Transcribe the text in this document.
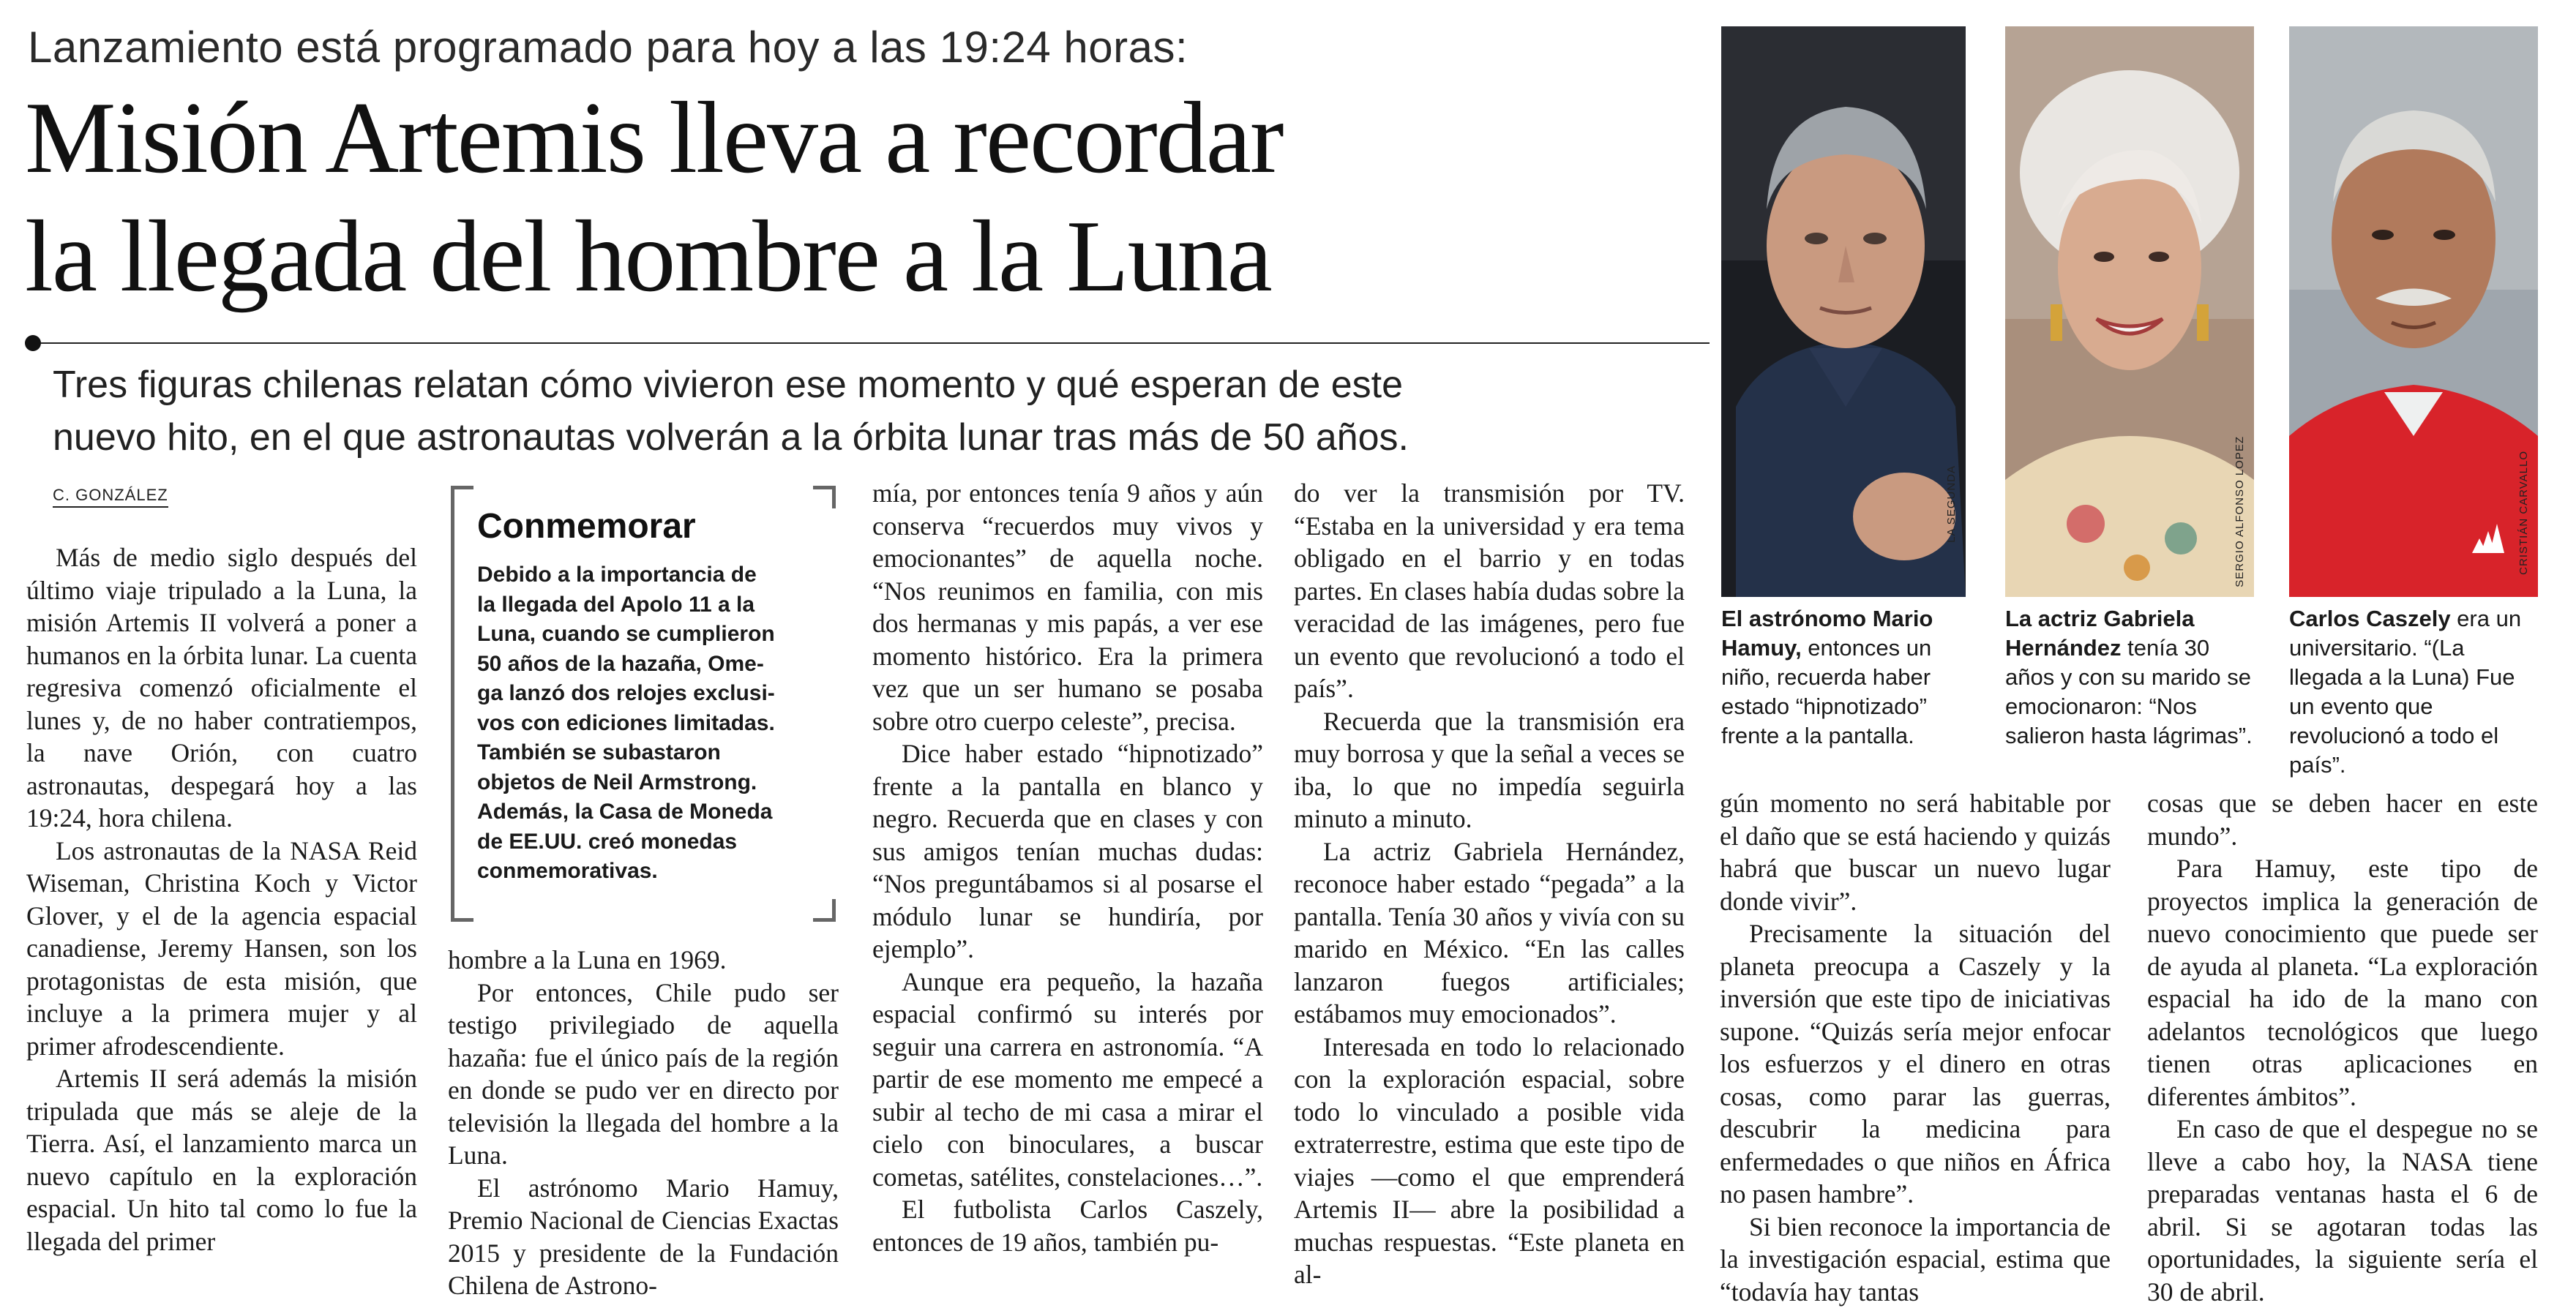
Lanzamiento está programado para hoy a las 19:24 horas:
Misión Artemis lleva a recordar
la llegada del hombre a la Luna
Tres figuras chilenas relatan cómo vivieron ese momento y qué esperan de este
nuevo hito, en el que astronautas volverán a la órbita lunar tras más de 50 años.
C. GONZÁLEZ

Más de medio siglo después del último viaje tripulado a la Luna, la misión Artemis II volverá a poner a humanos en la órbita lunar. La cuenta regresiva comenzó oficialmente el lunes y, de no haber contratiempos, la nave Orión, con cuatro astronautas, despegará hoy a las 19:24, hora chilena.

Los astronautas de la NASA Reid Wiseman, Christina Koch y Victor Glover, y el de la agencia espacial canadiense, Jeremy Hansen, son los protagonistas de esta misión, que incluye a la primera mujer y al primer afrodescendiente.

Artemis II será además la misión tripulada que más se aleje de la Tierra. Así, el lanzamiento marca un nuevo capítulo en la exploración espacial. Un hito tal como lo fue la llegada del primer

Conmemorar
Debido a la importancia de
la llegada del Apolo 11 a la
Luna, cuando se cumplieron
50 años de la hazaña, Ome-
ga lanzó dos relojes exclusi-
vos con ediciones limitadas.
También se subastaron
objetos de Neil Armstrong.
Además, la Casa de Moneda
de EE.UU. creó monedas
conmemorativas.

hombre a la Luna en 1969.

Por entonces, Chile pudo ser testigo privilegiado de aquella hazaña: fue el único país de la región en donde se pudo ver en directo por televisión la llegada del hombre a la Luna.

El astrónomo Mario Hamuy, Premio Nacional de Ciencias Exactas 2015 y presidente de la Fundación Chilena de Astrono-

mía, por entonces tenía 9 años y aún conserva “recuerdos muy vivos y emocionantes” de aquella noche. “Nos reunimos en familia, con mis dos hermanas y mis papás, a ver ese momento histórico. Era la primera vez que un ser humano se posaba sobre otro cuerpo celeste”, precisa.

Dice haber estado “hipnotizado” frente a la pantalla en blanco y negro. Recuerda que en clases y con sus amigos tenían muchas dudas: “Nos preguntábamos si al posarse el módulo lunar se hundiría, por ejemplo”.

Aunque era pequeño, la hazaña espacial confirmó su interés por seguir una carrera en astronomía. “A partir de ese momento me empecé a subir al techo de mi casa a mirar el cielo con binoculares, a buscar cometas, satélites, constelaciones…”.

El futbolista Carlos Caszely, entonces de 19 años, también pu-

do ver la transmisión por TV. “Estaba en la universidad y era tema obligado en el barrio y en todas partes. En clases había dudas sobre la veracidad de las imágenes, pero fue un evento que revolucionó a todo el país”.

Recuerda que la transmisión era muy borrosa y que la señal a veces se iba, lo que no impedía seguirla minuto a minuto.

La actriz Gabriela Hernández, reconoce haber estado “pegada” a la pantalla. Tenía 30 años y vivía con su marido en México. “En las calles lanzaron fuegos artificiales; estábamos muy emocionados”.

Interesada en todo lo relacionado con la exploración espacial, sobre todo lo vinculado a posible vida extraterrestre, estima que este tipo de viajes —como el que emprenderá Artemis II— abre la posibilidad a muchas respuestas. “Este planeta en al-

LA SEGUNDA
El astrónomo Mario Hamuy, entonces un niño, recuerda haber estado “hipnotizado” frente a la pantalla.
SERGIO ALFONSO LOPEZ
La actriz Gabriela Hernández tenía 30 años y con su marido se emocionaron: “Nos salieron hasta lágrimas”.
CRISTIÁN CARVALLO
Carlos Caszely era un universitario. “(La llegada a la Luna) Fue un evento que revolucionó a todo el país”.

gún momento no será habitable por el daño que se está haciendo y quizás habrá que buscar un nuevo lugar donde vivir”.

Precisamente la situación del planeta preocupa a Caszely y la inversión que este tipo de iniciativas supone. “Quizás sería mejor enfocar los esfuerzos y el dinero en otras cosas, como parar las guerras, descubrir la medicina para enfermedades o que niños en África no pasen hambre”.

Si bien reconoce la importancia de la investigación espacial, estima que “todavía hay tantas

cosas que se deben hacer en este mundo”.

Para Hamuy, este tipo de proyectos implica la generación de nuevo conocimiento que puede ser de ayuda al planeta. “La exploración espacial ha ido de la mano con adelantos tecnológicos que luego tienen otras aplicaciones en diferentes ámbitos”.

En caso de que el despegue no se lleve a cabo hoy, la NASA tiene preparadas ventanas hasta el 6 de abril. Si se agotaran todas las oportunidades, la siguiente sería el 30 de abril.
